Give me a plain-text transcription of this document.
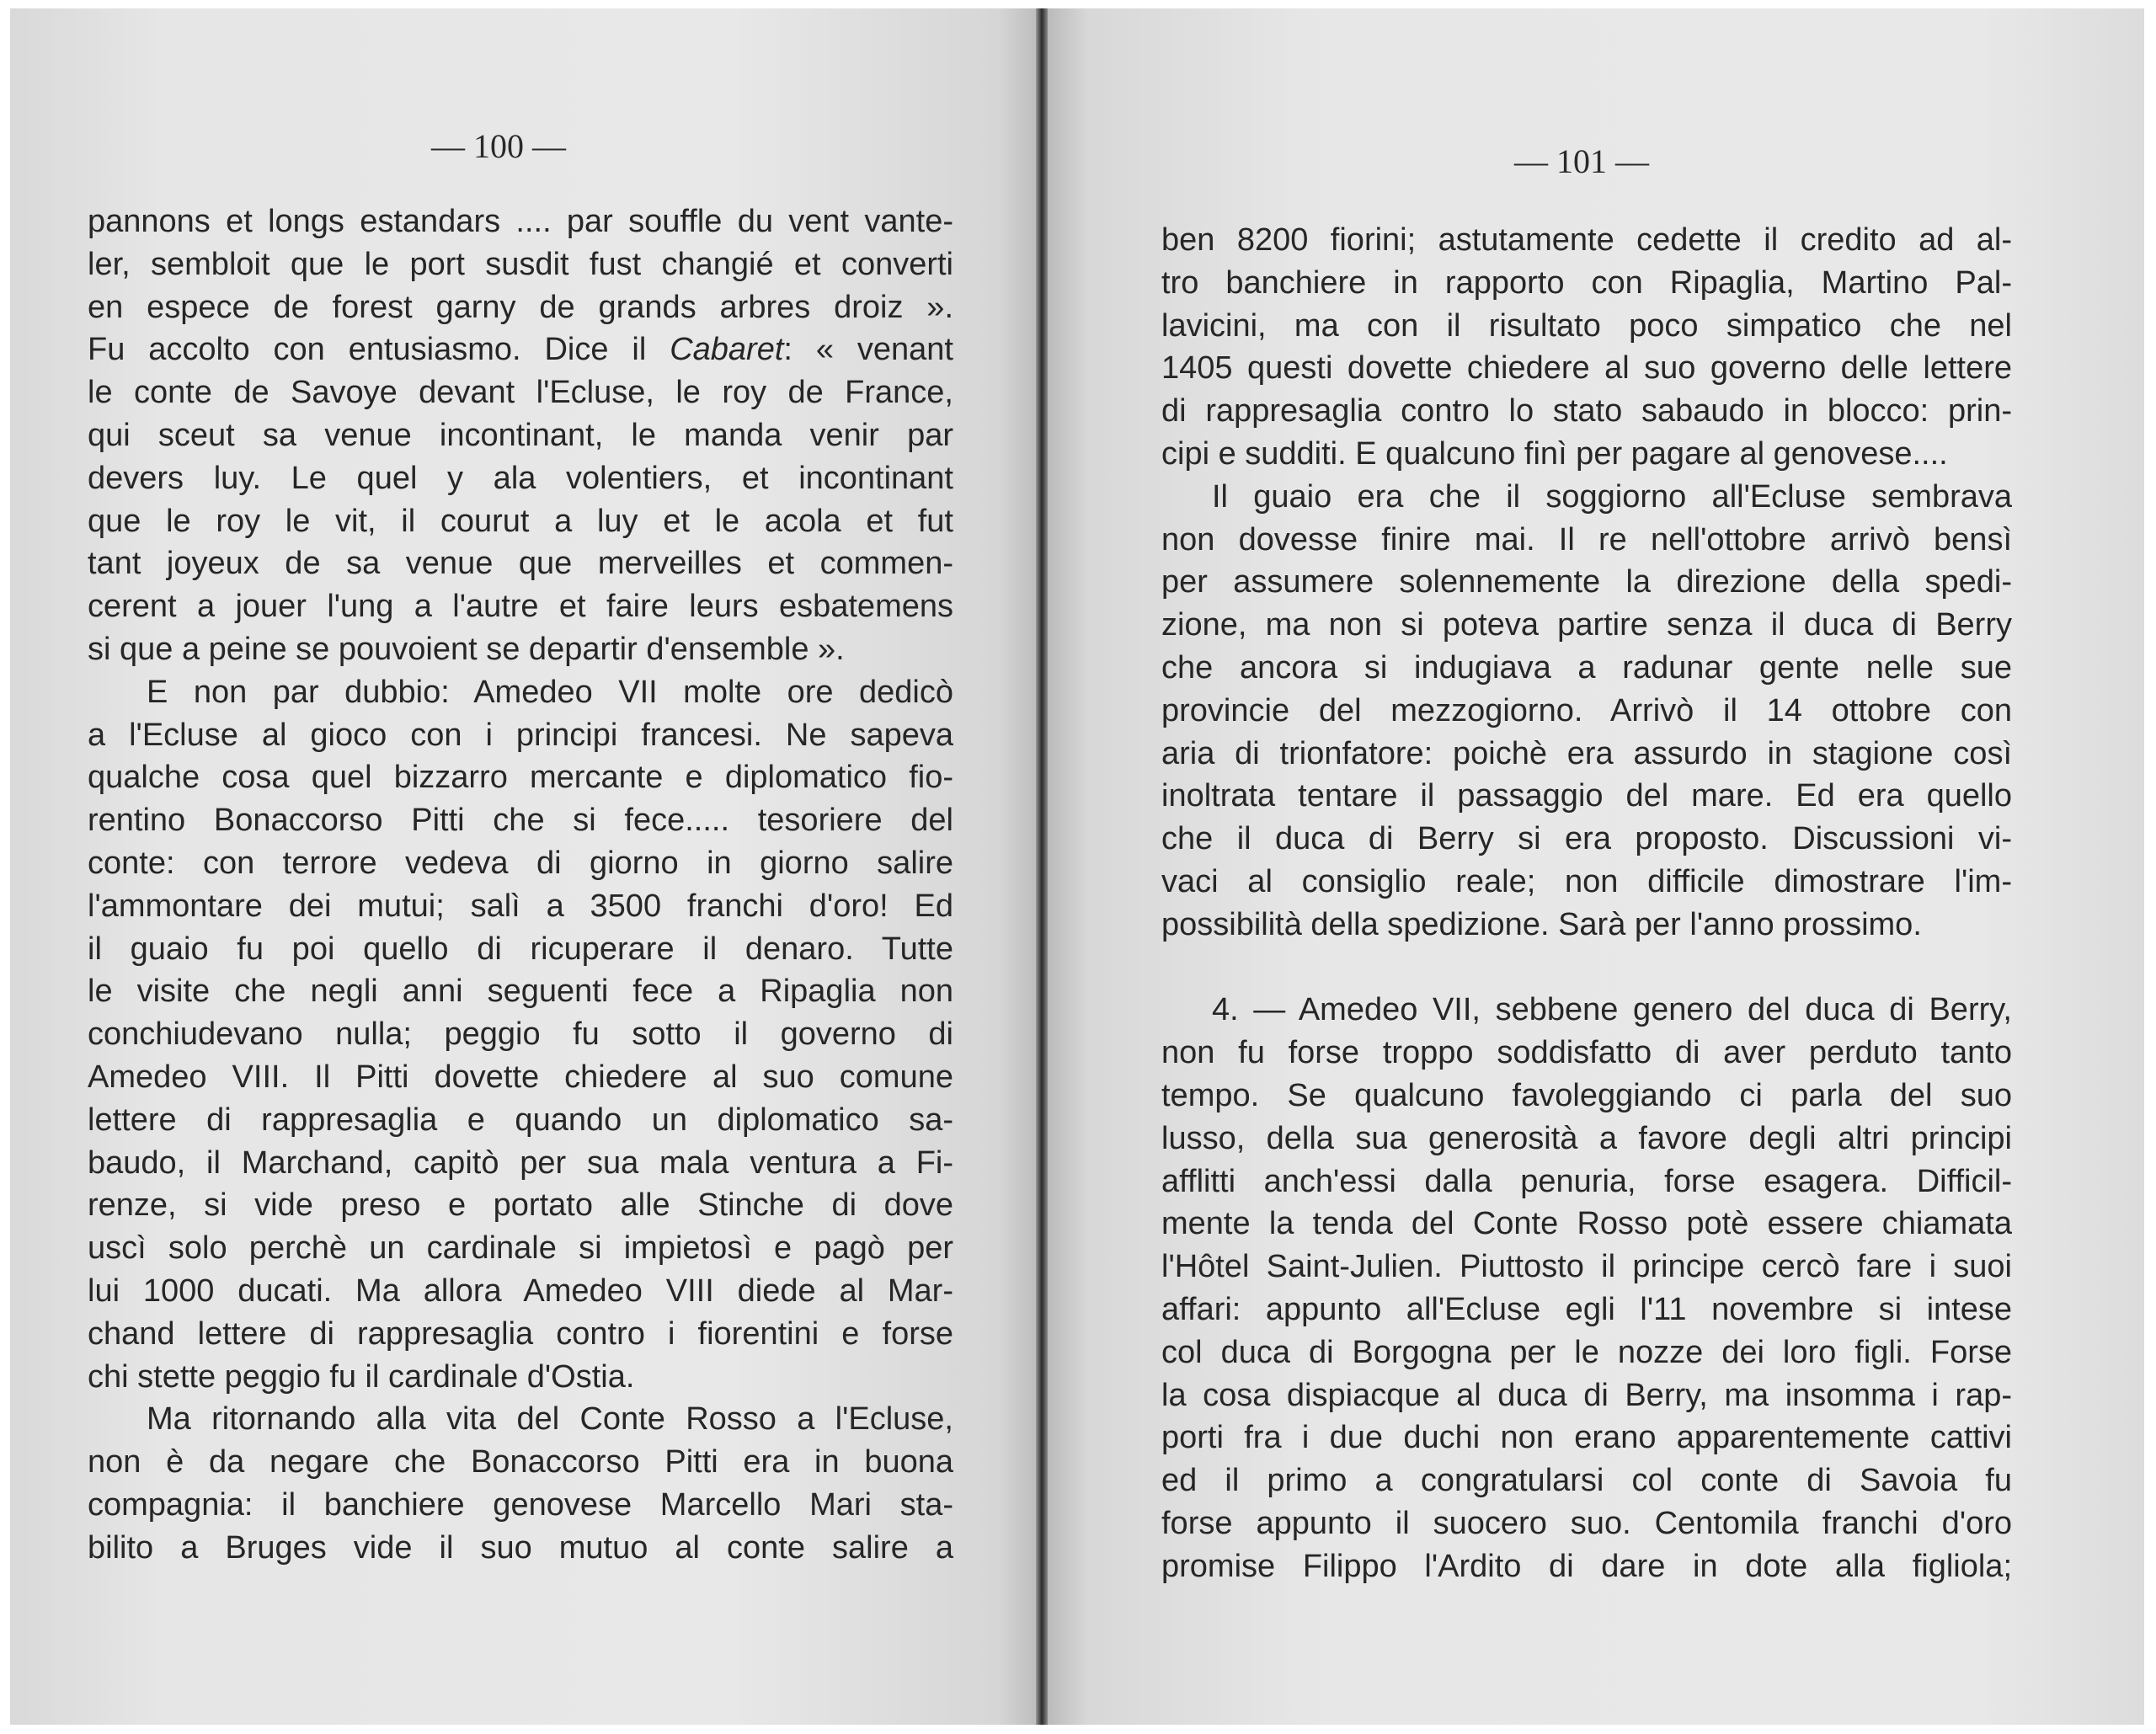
— 100 —
pannons et longs estandars .... par souffle du vent vante-
ler, sembloit que le port susdit fust changié et converti
en espece de forest garny de grands arbres droiz ».
Fu accolto con entusiasmo. Dice il Cabaret: « venant
le conte de Savoye devant l'Ecluse, le roy de France,
qui sceut sa venue incontinant, le manda venir par
devers luy. Le quel y ala volentiers, et incontinant
que le roy le vit, il courut a luy et le acola et fut
tant joyeux de sa venue que merveilles et commen-
cerent a jouer l'ung a l'autre et faire leurs esbatemens
si que a peine se pouvoient se departir d'ensemble ».
E non par dubbio: Amedeo VII molte ore dedicò
a l'Ecluse al gioco con i principi francesi. Ne sapeva
qualche cosa quel bizzarro mercante e diplomatico fio-
rentino Bonaccorso Pitti che si fece..... tesoriere del
conte: con terrore vedeva di giorno in giorno salire
l'ammontare dei mutui; salì a 3500 franchi d'oro! Ed
il guaio fu poi quello di ricuperare il denaro. Tutte
le visite che negli anni seguenti fece a Ripaglia non
conchiudevano nulla; peggio fu sotto il governo di
Amedeo VIII. Il Pitti dovette chiedere al suo comune
lettere di rappresaglia e quando un diplomatico sa-
baudo, il Marchand, capitò per sua mala ventura a Fi-
renze, si vide preso e portato alle Stinche di dove
uscì solo perchè un cardinale si impietosì e pagò per
lui 1000 ducati. Ma allora Amedeo VIII diede al Mar-
chand lettere di rappresaglia contro i fiorentini e forse
chi stette peggio fu il cardinale d'Ostia.
Ma ritornando alla vita del Conte Rosso a l'Ecluse,
non è da negare che Bonaccorso Pitti era in buona
compagnia: il banchiere genovese Marcello Mari sta-
bilito a Bruges vide il suo mutuo al conte salire a
— 101 —
ben 8200 fiorini; astutamente cedette il credito ad al-
tro banchiere in rapporto con Ripaglia, Martino Pal-
lavicini, ma con il risultato poco simpatico che nel
1405 questi dovette chiedere al suo governo delle lettere
di rappresaglia contro lo stato sabaudo in blocco: prin-
cipi e sudditi. E qualcuno finì per pagare al genovese....
Il guaio era che il soggiorno all'Ecluse sembrava
non dovesse finire mai. Il re nell'ottobre arrivò bensì
per assumere solennemente la direzione della spedi-
zione, ma non si poteva partire senza il duca di Berry
che ancora si indugiava a radunar gente nelle sue
provincie del mezzogiorno. Arrivò il 14 ottobre con
aria di trionfatore: poichè era assurdo in stagione così
inoltrata tentare il passaggio del mare. Ed era quello
che il duca di Berry si era proposto. Discussioni vi-
vaci al consiglio reale; non difficile dimostrare l'im-
possibilità della spedizione. Sarà per l'anno prossimo.
4. — Amedeo VII, sebbene genero del duca di Berry,
non fu forse troppo soddisfatto di aver perduto tanto
tempo. Se qualcuno favoleggiando ci parla del suo
lusso, della sua generosità a favore degli altri principi
afflitti anch'essi dalla penuria, forse esagera. Difficil-
mente la tenda del Conte Rosso potè essere chiamata
l'Hôtel Saint-Julien. Piuttosto il principe cercò fare i suoi
affari: appunto all'Ecluse egli l'11 novembre si intese
col duca di Borgogna per le nozze dei loro figli. Forse
la cosa dispiacque al duca di Berry, ma insomma i rap-
porti fra i due duchi non erano apparentemente cattivi
ed il primo a congratularsi col conte di Savoia fu
forse appunto il suocero suo. Centomila franchi d'oro
promise Filippo l'Ardito di dare in dote alla figliola;
